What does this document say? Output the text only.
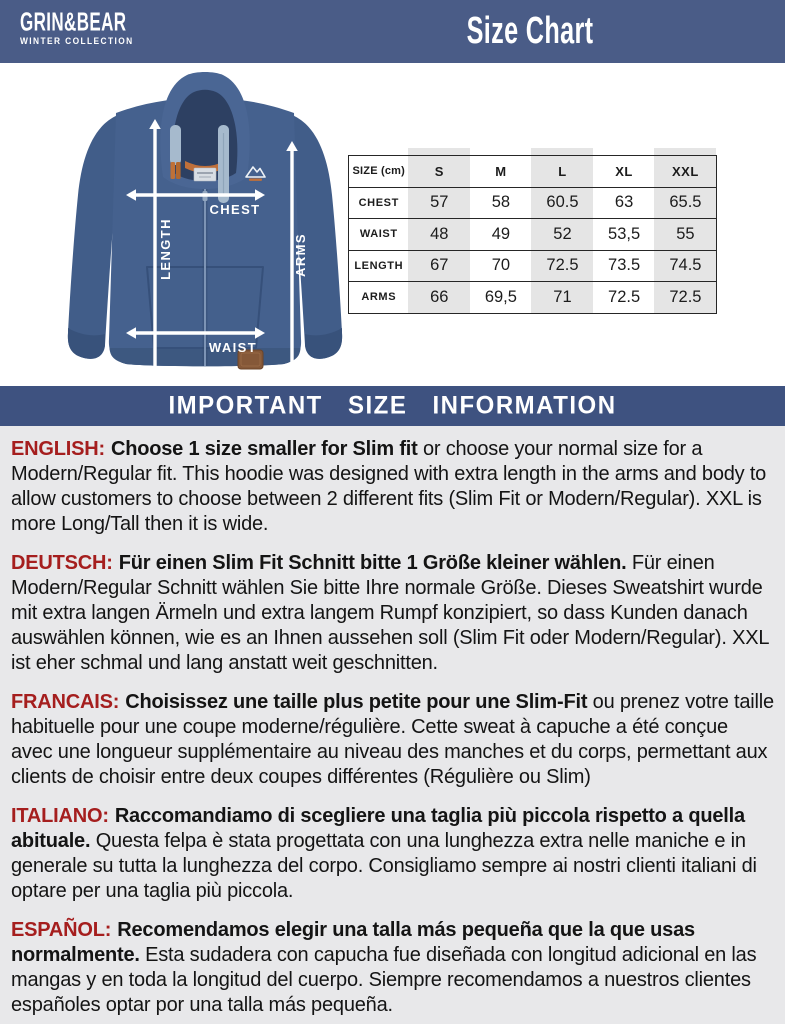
GRIN&BEAR
WINTER COLLECTION	Size Chart
LENGTH
CHEST
ARMS
WAIST
SIZE (cm)	S	M	L	XL	XXL
CHEST	57	58	60.5	63	65.5
WAIST	48	49	52	53,5	55
LENGTH	67	70	72.5	73.5	74.5
ARMS	66	69,5	71	72.5	72.5
IMPORTANT SIZE INFORMATION

ENGLISH: Choose 1 size smaller for Slim fit or choose your normal size for a Modern/Regular fit. This hoodie was designed with extra length in the arms and body to allow customers to choose between 2 different fits (Slim Fit or Modern/Regular). XXL is more Long/Tall then it is wide.

DEUTSCH: Für einen Slim Fit Schnitt bitte 1 Größe kleiner wählen. Für einen Modern/Regular Schnitt wählen Sie bitte Ihre normale Größe. Dieses Sweatshirt wurde mit extra langen Ärmeln und extra langem Rumpf konzipiert, so dass Kunden danach auswählen können, wie es an Ihnen aussehen soll (Slim Fit oder Modern/Regular). XXL ist eher schmal und lang anstatt weit geschnitten.

FRANCAIS: Choisissez une taille plus petite pour une Slim-Fit ou prenez votre taille habituelle pour une coupe moderne/régulière. Cette sweat à capuche a été conçue avec une longueur supplémentaire au niveau des manches et du corps, permettant aux clients de choisir entre deux coupes différentes (Régulière ou Slim)

ITALIANO: Raccomandiamo di scegliere una taglia più piccola rispetto a quella abituale. Questa felpa è stata progettata con una lunghezza extra nelle maniche e in generale su tutta la lunghezza del corpo. Consigliamo sempre ai nostri clienti italiani di optare per una taglia più piccola.

ESPAÑOL: Recomendamos elegir una talla más pequeña que la que usas normalmente. Esta sudadera con capucha fue diseñada con longitud adicional en las mangas y en toda la longitud del cuerpo. Siempre recomendamos a nuestros clientes españoles optar por una talla más pequeña.
